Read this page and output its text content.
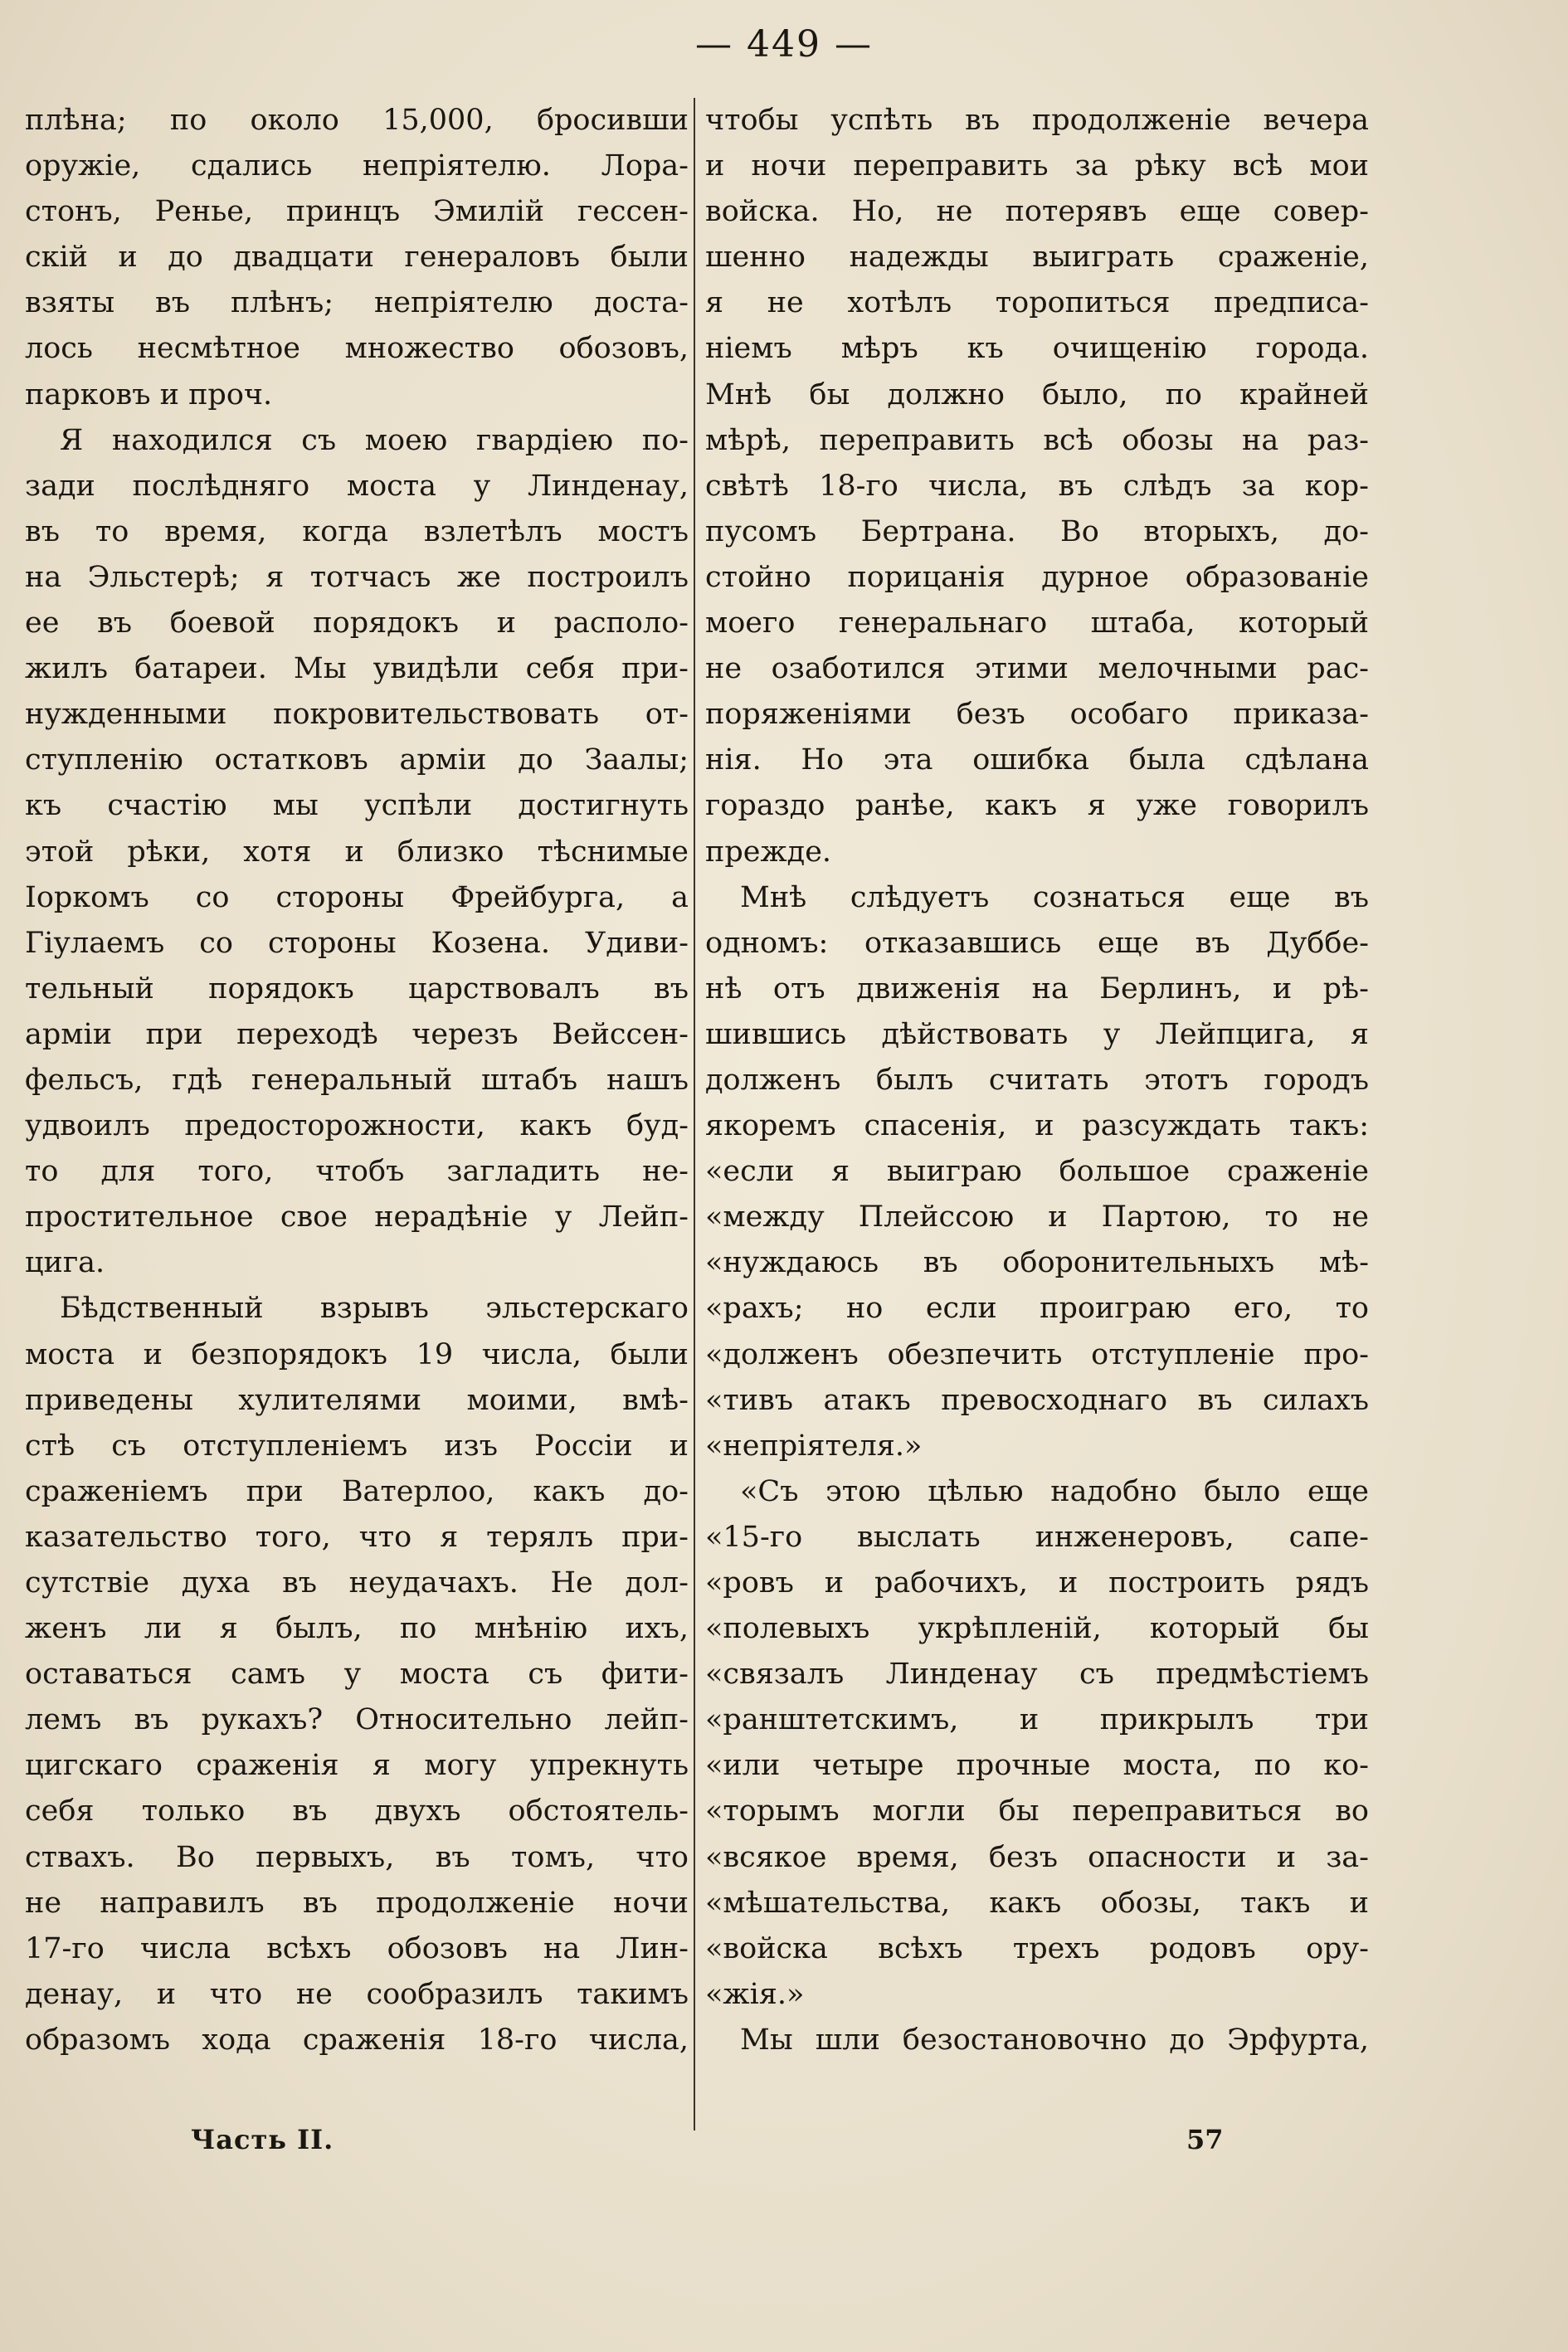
— 449 —
плѣна; по около 15,000, бросивши
оружіе, сдались непріятелю. Лора-
стонъ, Ренье, принцъ Эмилій гессен-
скій и до двадцати генераловъ были
взяты въ плѣнъ; непріятелю доста-
лось несмѣтное множество обозовъ,
парковъ и проч.
Я находился съ моею гвардіею по-
зади послѣдняго моста у Линденау,
въ то время, когда взлетѣлъ мостъ
на Эльстерѣ; я тотчасъ же построилъ
ее въ боевой порядокъ и располо-
жилъ батареи. Мы увидѣли себя при-
нужденными покровительствовать от-
ступленію остатковъ арміи до Заалы;
къ счастію мы успѣли достигнуть
этой рѣки, хотя и близко тѣснимые
Іоркомъ со стороны Фрейбурга, а
Гіулаемъ со стороны Козена. Удиви-
тельный порядокъ царствовалъ въ
арміи при переходѣ черезъ Вейссен-
фельсъ, гдѣ генеральный штабъ нашъ
удвоилъ предосторожности, какъ буд-
то для того, чтобъ загладить не-
простительное свое нерадѣніе у Лейп-
цига.
Бѣдственный взрывъ эльстерскаго
моста и безпорядокъ 19 числа, были
приведены хулителями моими, вмѣ-
стѣ съ отступленіемъ изъ Россіи и
сраженіемъ при Ватерлоо, какъ до-
казательство того, что я терялъ при-
сутствіе духа въ неудачахъ. Не дол-
женъ ли я былъ, по мнѣнію ихъ,
оставаться самъ у моста съ фити-
лемъ въ рукахъ? Относительно лейп-
цигскаго сраженія я могу упрекнуть
себя только въ двухъ обстоятель-
ствахъ. Во первыхъ, въ томъ, что
не направилъ въ продолженіе ночи
17-го числа всѣхъ обозовъ на Лин-
денау, и что не сообразилъ такимъ
образомъ хода сраженія 18-го числа,
чтобы успѣть въ продолженіе вечера
и ночи переправить за рѣку всѣ мои
войска. Но, не потерявъ еще совер-
шенно надежды выиграть сраженіе,
я не хотѣлъ торопиться предписа-
ніемъ мѣръ къ очищенію города.
Мнѣ бы должно было, по крайней
мѣрѣ, переправить всѣ обозы на раз-
свѣтѣ 18-го числа, въ слѣдъ за кор-
пусомъ Бертрана. Во вторыхъ, до-
стойно порицанія дурное образованіе
моего генеральнаго штаба, который
не озаботился этими мелочными рас-
поряженіями безъ особаго приказа-
нія. Но эта ошибка была сдѣлана
гораздо ранѣе, какъ я уже говорилъ
прежде.
Мнѣ слѣдуетъ сознаться еще въ
одномъ: отказавшись еще въ Дуббе-
нѣ отъ движенія на Берлинъ, и рѣ-
шившись дѣйствовать у Лейпцига, я
долженъ былъ считать этотъ городъ
якоремъ спасенія, и разсуждать такъ:
«если я выиграю большое сраженіе
«между Плейссою и Партою, то не
«нуждаюсь въ оборонительныхъ мѣ-
«рахъ; но если проиграю его, то
«долженъ обезпечить отступленіе про-
«тивъ атакъ превосходнаго въ силахъ
«непріятеля.»
«Съ этою цѣлью надобно было еще
«15-го выслать инженеровъ, сапе-
«ровъ и рабочихъ, и построить рядъ
«полевыхъ укрѣпленій, который бы
«связалъ Линденау съ предмѣстіемъ
«ранштетскимъ, и прикрылъ три
«или четыре прочные моста, по ко-
«торымъ могли бы переправиться во
«всякое время, безъ опасности и за-
«мѣшательства, какъ обозы, такъ и
«войска всѣхъ трехъ родовъ ору-
«жія.»
Мы шли безостановочно до Эрфурта,
Часть II.	57
